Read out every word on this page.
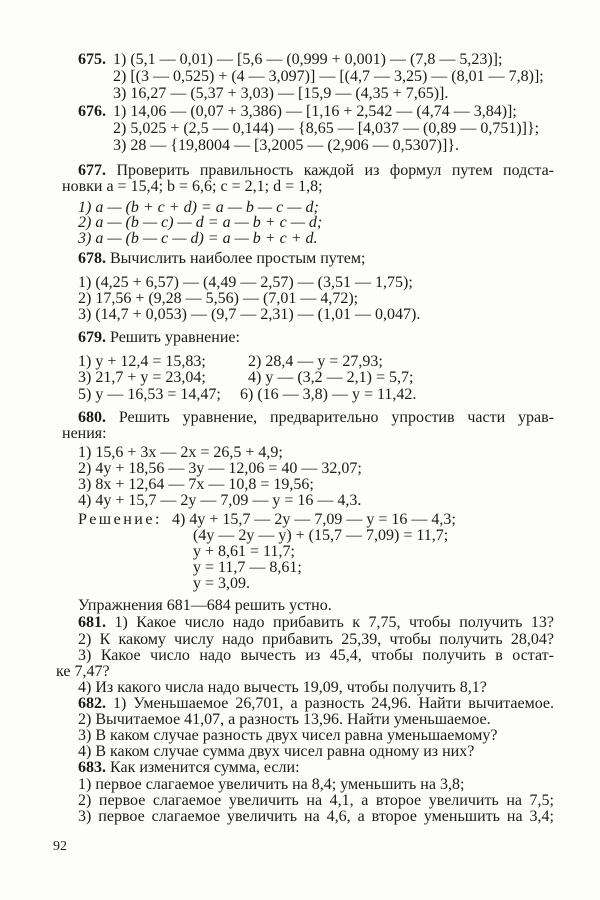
675. 1) (5,1 — 0,01) — [5,6 — (0,999 + 0,001) — (7,8 — 5,23)];
2) [(3 — 0,525) + (4 — 3,097)] — [(4,7 — 3,25) — (8,01 — 7,8)];
3) 16,27 — (5,37 + 3,03) — [15,9 — (4,35 + 7,65)].
676. 1) 14,06 — (0,07 + 3,386) — [1,16 + 2,542 — (4,74 — 3,84)];
2) 5,025 + (2,5 — 0,144) — {8,65 — [4,037 — (0,89 — 0,751)]};
3) 28 — {19,8004 — [3,2005 — (2,906 — 0,5307)]}.
677. Проверить правильность каждой из формул путем подста-
новки a = 15,4; b = 6,6; c = 2,1; d = 1,8;
1) a — (b + c + d) = a — b — c — d;
2) a — (b — c) — d = a — b + c — d;
3) a — (b — c — d) = a — b + c + d.
678. Вычислить наиболее простым путем;
1) (4,25 + 6,57) — (4,49 — 2,57) — (3,51 — 1,75);
2) 17,56 + (9,28 — 5,56) — (7,01 — 4,72);
3) (14,7 + 0,053) — (9,7 — 2,31) — (1,01 — 0,047).
679. Решить уравнение:
1) y + 12,4 = 15,83;	2) 28,4 — y = 27,93;
3) 21,7 + y = 23,04;	4) y — (3,2 — 2,1) = 5,7;
5) y — 16,53 = 14,47; 6) (16 — 3,8) — y = 11,42.
680. Решить уравнение, предварительно упростив части урав-
нения:
1) 15,6 + 3x — 2x = 26,5 + 4,9;
2) 4y + 18,56 — 3y — 12,06 = 40 — 32,07;
3) 8x + 12,64 — 7x — 10,8 = 19,56;
4) 4y + 15,7 — 2y — 7,09 — y = 16 — 4,3.
Решение: 4) 4y + 15,7 — 2y — 7,09 — y = 16 — 4,3;
(4y — 2y — y) + (15,7 — 7,09) = 11,7;
y + 8,61 = 11,7;
y = 11,7 — 8,61;
y = 3,09.
Упражнения 681—684 решить устно.
681. 1) Какое число надо прибавить к 7,75, чтобы получить 13?
2) К какому числу надо прибавить 25,39, чтобы получить 28,04?
3) Какое число надо вычесть из 45,4, чтобы получить в остат-
ке 7,47?
4) Из какого числа надо вычесть 19,09, чтобы получить 8,1?
682. 1) Уменьшаемое 26,701, а разность 24,96. Найти вычитаемое.
2) Вычитаемое 41,07, а разность 13,96. Найти уменьшаемое.
3) В каком случае разность двух чисел равна уменьшаемому?
4) В каком случае сумма двух чисел равна одному из них?
683. Как изменится сумма, если:
1) первое слагаемое увеличить на 8,4; уменьшить на 3,8;
2) первое слагаемое увеличить на 4,1, а второе увеличить на 7,5;
3) первое слагаемое увеличить на 4,6, а второе уменьшить на 3,4;
92
